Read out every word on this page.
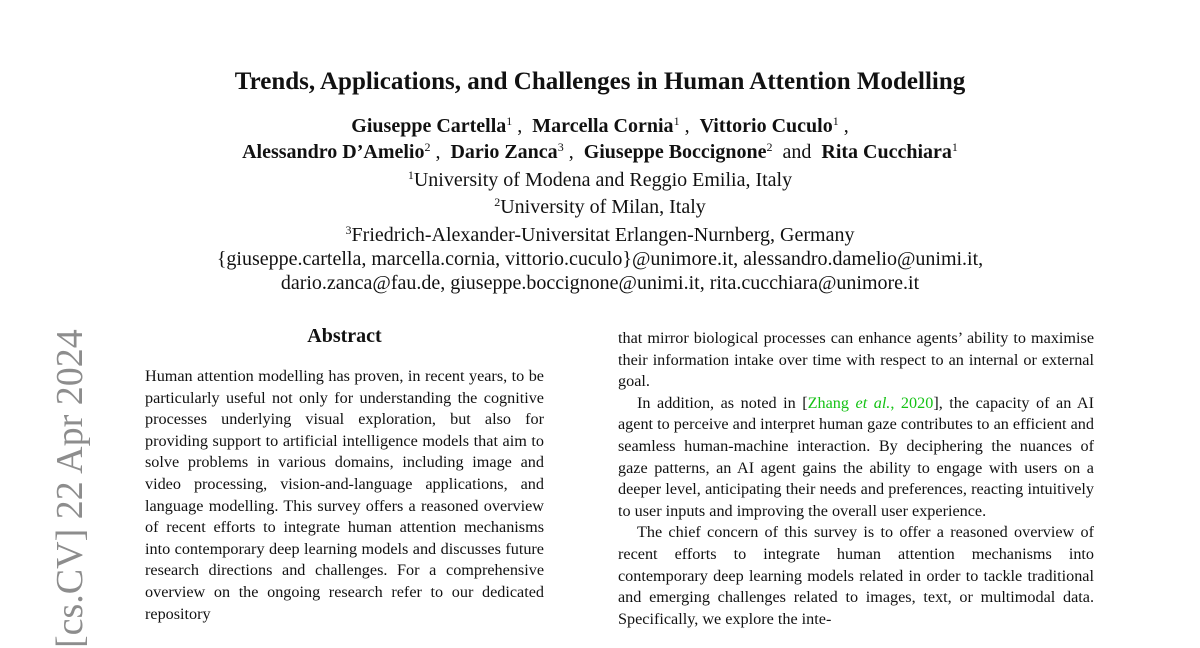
[cs.CV] 22 Apr 2024
Trends, Applications, and Challenges in Human Attention Modelling
Giuseppe Cartella$^1$ ,  Marcella Cornia$^1$ ,  Vittorio Cuculo$^1$ ,
Alessandro D’Amelio$^2$ ,  Dario Zanca$^3$ ,  Giuseppe Boccignone$^2$  and  Rita Cucchiara$^1$
$^1$University of Modena and Reggio Emilia, Italy
$^2$University of Milan, Italy
$^3$Friedrich-Alexander-Universitat Erlangen-Nurnberg, Germany
{giuseppe.cartella, marcella.cornia, vittorio.cuculo}@unimore.it, alessandro.damelio@unimi.it,
dario.zanca@fau.de, giuseppe.boccignone@unimi.it, rita.cucchiara@unimore.it
Abstract

Human attention modelling has proven, in recent years, to be particularly useful not only for understanding the cognitive processes underlying visual exploration, but also for providing support to artificial intelligence models that aim to solve problems in various domains, including image and video processing, vision-and-language applications, and language modelling. This survey offers a reasoned overview of recent efforts to integrate human attention mechanisms into contemporary deep learning models and discusses future research directions and challenges. For a comprehensive overview on the ongoing research refer to our dedicated repository

that mirror biological processes can enhance agents’ ability to maximise their information intake over time with respect to an internal or external goal.

In addition, as noted in [Zhang et al., 2020], the capacity of an AI agent to perceive and interpret human gaze contributes to an efficient and seamless human-machine interaction. By deciphering the nuances of gaze patterns, an AI agent gains the ability to engage with users on a deeper level, anticipating their needs and preferences, reacting intuitively to user inputs and improving the overall user experience.

The chief concern of this survey is to offer a reasoned overview of recent efforts to integrate human attention mechanisms into contemporary deep learning models related in order to tackle traditional and emerging challenges related to images, text, or multimodal data. Specifically, we explore the inte-
